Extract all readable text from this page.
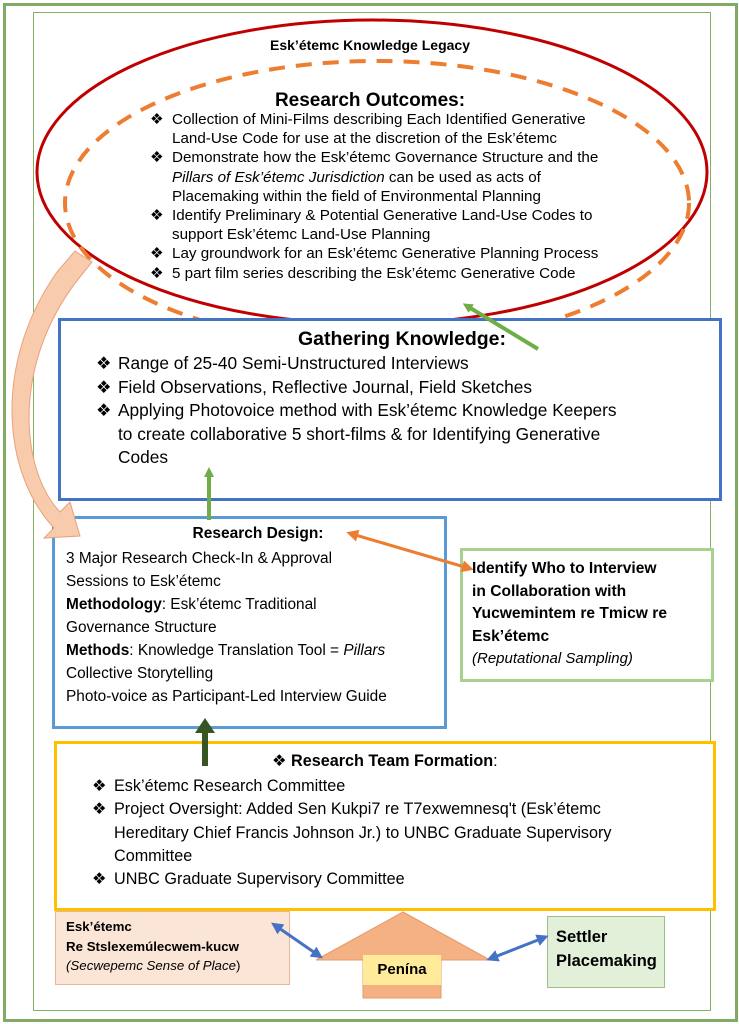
Esk’étemc Knowledge Legacy
Research Outcomes:
❖ Collection of Mini-Films describing Each Identified Generative
Land-Use Code for use at the discretion of the Esk’étemc
❖ Demonstrate how the Esk’étemc Governance Structure and the
Pillars of Esk’étemc Jurisdiction can be used as acts of
Placemaking within the field of Environmental Planning
❖ Identify Preliminary & Potential Generative Land-Use Codes to
support Esk’étemc Land-Use Planning
❖ Lay groundwork for an Esk’étemc Generative Planning Process
❖ 5 part film series describing the Esk’étemc Generative Code
Gathering Knowledge:
❖ Range of 25-40 Semi-Unstructured Interviews
❖ Field Observations, Reflective Journal, Field Sketches
❖ Applying Photovoice method with Esk’étemc Knowledge Keepers
to create collaborative 5 short-films & for Identifying Generative
Codes
Research Design:
3 Major Research Check-In & Approval
Sessions to Esk’étemc
Methodology: Esk’étemc Traditional
Governance Structure
Methods: Knowledge Translation Tool = Pillars
Collective Storytelling
Photo-voice as Participant-Led Interview Guide
Identify Who to Interview
in Collaboration with
Yucwemintem re Tmicw re
Esk’étemc
(Reputational Sampling)
❖ Research Team Formation:
❖ Esk’étemc Research Committee
❖ Project Oversight: Added Sen Kukpi7 re T7exwemnesq't (Esk’étemc
Hereditary Chief Francis Johnson Jr.) to UNBC Graduate Supervisory
Committee
❖ UNBC Graduate Supervisory Committee
Esk’étemc
Re Stslexemúlecwem-kucw
(Secwepemc Sense of Place)	Penína
Settler
Placemaking
